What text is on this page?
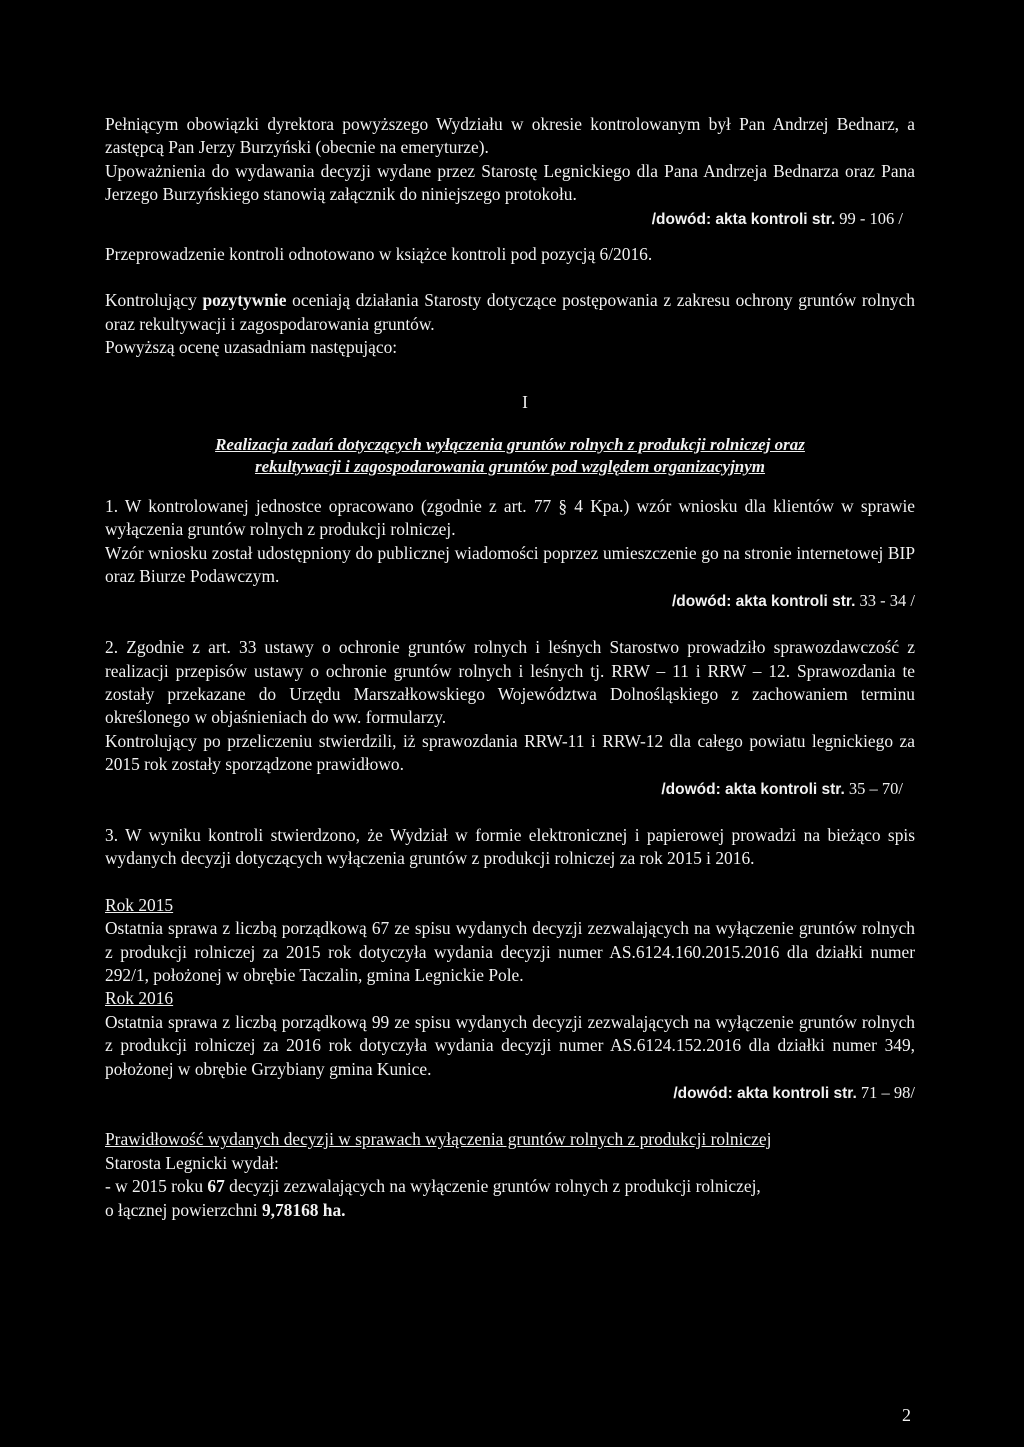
Pełniącym obowiązki dyrektora powyższego Wydziału w okresie kontrolowanym był Pan Andrzej Bednarz, a zastępcą Pan Jerzy Burzyński (obecnie na emeryturze).

Upoważnienia do wydawania decyzji wydane przez Starostę Legnickiego dla Pana Andrzeja Bednarza oraz Pana Jerzego Burzyńskiego stanowią załącznik do niniejszego protokołu.

/dowód: akta kontroli str. 99 - 106 /

Przeprowadzenie kontroli odnotowano w książce kontroli pod pozycją 6/2016.

Kontrolujący pozytywnie oceniają działania Starosty dotyczące postępowania z zakresu ochrony gruntów rolnych oraz rekultywacji i zagospodarowania gruntów.

Powyższą ocenę uzasadniam następująco:

I

Realizacja zadań dotyczących wyłączenia gruntów rolnych z produkcji rolniczej oraz

rekultywacji i zagospodarowania gruntów pod względem organizacyjnym

1. W kontrolowanej jednostce opracowano (zgodnie z art. 77 § 4 Kpa.) wzór wniosku dla klientów w sprawie wyłączenia gruntów rolnych z produkcji rolniczej.

Wzór wniosku został udostępniony do publicznej wiadomości poprzez umieszczenie go na stronie internetowej BIP oraz Biurze Podawczym.

/dowód: akta kontroli str. 33 - 34 /

2. Zgodnie z art. 33 ustawy o ochronie gruntów rolnych i leśnych Starostwo prowadziło sprawozdawczość z realizacji przepisów ustawy o ochronie gruntów rolnych i leśnych tj. RRW – 11 i RRW – 12. Sprawozdania te zostały przekazane do Urzędu Marszałkowskiego Województwa Dolnośląskiego z zachowaniem terminu określonego w objaśnieniach do ww. formularzy.

Kontrolujący po przeliczeniu stwierdzili, iż sprawozdania RRW-11 i RRW-12 dla całego powiatu legnickiego za 2015 rok zostały sporządzone prawidłowo.

/dowód: akta kontroli str. 35 – 70/

3. W wyniku kontroli stwierdzono, że Wydział w formie elektronicznej i papierowej prowadzi na bieżąco spis wydanych decyzji dotyczących wyłączenia gruntów z produkcji rolniczej za rok 2015 i 2016.

Rok 2015

Ostatnia sprawa z liczbą porządkową 67 ze spisu wydanych decyzji zezwalających na wyłączenie gruntów rolnych z produkcji rolniczej za 2015 rok dotyczyła wydania decyzji numer AS.6124.160.2015.2016 dla działki numer 292/1, położonej w obrębie Taczalin, gmina Legnickie Pole.

Rok 2016

Ostatnia sprawa z liczbą porządkową 99 ze spisu wydanych decyzji zezwalających na wyłączenie gruntów rolnych z produkcji rolniczej za 2016 rok dotyczyła wydania decyzji numer AS.6124.152.2016 dla działki numer 349, położonej w obrębie Grzybiany gmina Kunice.

/dowód: akta kontroli str. 71 – 98/

Prawidłowość wydanych decyzji w sprawach wyłączenia gruntów rolnych z produkcji rolniczej

Starosta Legnicki wydał:

- w 2015 roku 67 decyzji zezwalających na wyłączenie gruntów rolnych z produkcji rolniczej,

o łącznej powierzchni 9,78168 ha.

2
